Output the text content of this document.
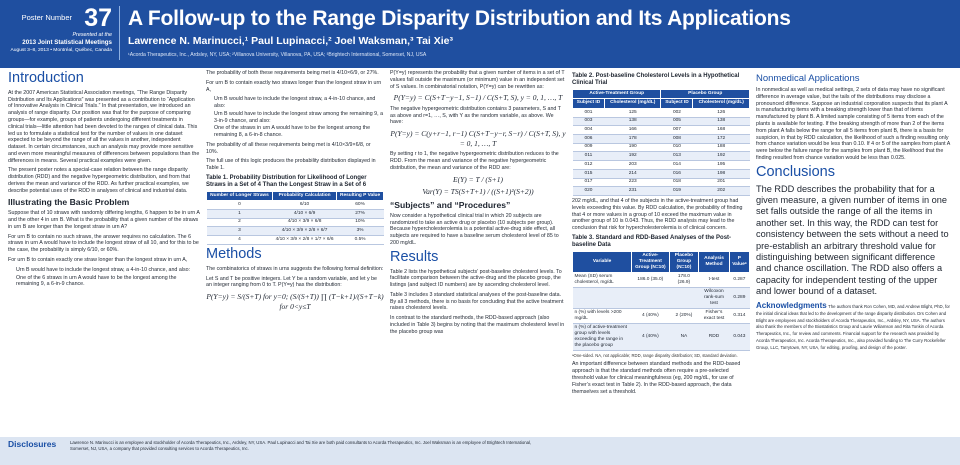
Poster Number 37
Presented at the
2013 Joint Statistical Meetings
August 3–8, 2013 • Montréal, Québec, Canada
A Follow-up to the Range Disparity Distribution and Its Applications
Lawrence N. Marinucci,¹ Paul Lupinacci,² Joel Waksman,³ Tai Xie³
¹Acorda Therapeutics, Inc., Ardsley, NY, USA; ²Villanova University, Villanova, PA, USA; ³Brightech International, Somerset, NJ, USA
Introduction

At the 2007 American Statistical Association meetings, “The Range Disparity Distribution and Its Applications” was presented as a contribution to “Application of Innovative Analysis in Clinical Trials.” In that presentation, we introduced an analysis of range disparity. Our position was that for the purpose of comparing groups—for example, groups of patients undergoing different treatments in clinical trials—little attention had been devoted to the ranges of clinical data. This led us to formulate a statistical test for the number of values in one dataset expected to be beyond the range of all the values in another, independent dataset. In certain circumstances, such an analysis may provide more sensitive and even more meaningful measures of differences between populations than the differences in means. Several practical examples were given.

The present poster notes a special-case relation between the range disparity distribution (RDD) and the negative hypergeometric distribution, and from that derives the mean and variance of the RDD. As further practical examples, we describe potential uses of the RDD in analyses of clinical and industrial data.

Illustrating the Basic Problem

Suppose that of 10 straws with randomly differing lengths, 6 happen to be in urn A and the other 4 in urn B. What is the probability that a given number of the straws in urn B are longer than the longest straw in urn A?

For urn B to contain no such straws, the answer requires no calculation. The 6 straws in urn A would have to include the longest straw of all 10, and for this to be the case, the probability is simply 6/10, or 60%.

For urn B to contain exactly one straw longer than the longest straw in urn A,

• Urn B would have to include the longest straw, a 4-in-10 chance, and also:
• One of the 6 straws in urn A would have to be the longest among the remaining 9, a 6-in-9 chance.

The probability of both these requirements being met is 4/10×6/9, or 27%.

For urn B to contain exactly two straws longer than the longest straw in urn A,

• Urn B would have to include the longest straw, a 4-in-10 chance, and also:
• Urn B would have to include the longest straw among the remaining 9, a 3-in-9 chance, and also:
• One of the straws in urn A would have to be the longest among the remaining 8, a 6-in-8 chance.

The probability of all these requirements being met is 4/10×3/9×6/8, or 10%.

The full use of this logic produces the probability distribution displayed in Table 1.

Table 1. Probability Distribution for Likelihood of Longer Straws in a Set of 4 Than the Longest Straw in a Set of 6
Number of Longer Straws	Probability Calculation	Resulting P Value
0	6/10	60%
1	4/10 × 6/9	27%
2	4/10 × 3/9 × 6/8	10%
3	4/10 × 3/9 × 2/8 × 6/7	3%
4	4/10 × 3/9 × 2/8 × 1/7 × 6/6	0.5%
Methods

The combinatorics of straws in urns suggests the following formal definition:

Let S and T be positive integers. Let Y be a random variable, and let y be an integer ranging from 0 to T. P(Y=y) has the distribution:

P(Y=y) = S/(S+T) for y=0; (S/(S+T)) ∏ (T−k+1)/(S+T−k) for 0<y≤T

P(Y=y) represents the probability that a given number of items in a set of T values fall outside the maximum (or minimum) value in an independent set of S values. In combinatorial notation, P(Y=y) can be rewritten as:

P(Y=y) = C(S+T−y−1, S−1) / C(S+T, S), y = 0, 1, …, T

The negative hypergeometric distribution contains 3 parameters, S and T as above and r=1, …, S, with Y as the random variable, as above. We have:

P(Y=y) = C(y+r−1, r−1) C(S+T−y−r, S−r) / C(S+T, S), y = 0, 1, …, T

By setting r to 1, the negative hypergeometric distribution reduces to the RDD. From the mean and variance of the negative hypergeometric distribution, the mean and variance of the RDD are:

E(Y) = T / (S+1)
Var(Y) = TS(S+T+1) / ((S+1)²(S+2))
“Subjects” and “Procedures”

Now consider a hypothetical clinical trial in which 20 subjects are randomized to take an active drug or placebo (10 subjects per group). Because hypercholesterolemia is a potential active-drug side effect, all subjects are required to have a baseline serum cholesterol level of 85 to 200 mg/dL.

Results

Table 2 lists the hypothetical subjects’ post-baseline cholesterol levels. To facilitate comparison between the active-drug and the placebo group, the listings (and subject ID numbers) are by ascending cholesterol level.

Table 3 includes 3 standard statistical analyses of the post-baseline data. By all 3 methods, there is no basis for concluding that the active treatment raises cholesterol levels.

In contrast to the standard methods, the RDD-based approach (also included in Table 3) begins by noting that the maximum cholesterol level in the placebo group was

Table 2. Post-baseline Cholesterol Levels in a Hypothetical Clinical Trial
Active-Treatment Group		Placebo Group	
Subject ID	Cholesterol (mg/dL)	Subject ID	Cholesterol (mg/dL)
001	125	002	126
003	138	005	138
004	166	007	168
006	178	008	172
009	190	010	188
011	192	013	192
012	203	014	195
015	214	016	198
017	223	018	201
020	231	019	202

202 mg/dL, and that 4 of the subjects in the active-treatment group had levels exceeding this value. By RDD calculation, the probability of finding that 4 or more values in a group of 10 exceed the maximum value in another group of 10 is 0.043. Thus, the RDD analysis may lead to the conclusion that risk for hypercholesterolemia is of clinical concern.

Table 3. Standard and RDD-Based Analyses of the Post-baseline Data
Variable	Active-Treatment Group (N=10)	Placebo Group (N=10)	Analysis Method	P Valueᵃ
Mean (SD) serum cholesterol, mg/dL	186.0 (35.0)	178.0 (26.9)	t-test	0.287
			Wilcoxon rank-sum test	0.289
n (%) with levels >200 mg/dL	4 (40%)	2 (20%)	Fisher’s exact test	0.314
n (%) of active-treatment group with levels exceeding the range in the placebo group	4 (40%)	NA	RDD	0.043

ᵃOne-sided. NA, not applicable; RDD, range disparity distribution; SD, standard deviation.

An important difference between standard methods and the RDD-based approach is that the standard methods often require a pre-selected threshold value for clinical meaningfulness (eg, 200 mg/dL, for use of Fisher’s exact test in Table 2). In the RDD-based approach, the data themselves set a threshold.

Nonmedical Applications

In nonmedical as well as medical settings, 2 sets of data may have no significant difference in average value, but the tails of the distributions may disclose a pronounced difference. Suppose an industrial corporation suspects that its plant A is manufacturing items with a breaking strength lower than that of items manufactured by plant B. A limited sample consisting of 5 items from each of the plants is available for testing. If the breaking strength of more than 2 of the items from plant A falls below the range for all 5 items from plant B, there is a basis for suspicion, in that by RDD calculation, the likelihood of such a finding resulting only from chance variation would be less than 0.10. If 4 or 5 of the samples from plant A were below the failure range for the samples from plant B, the likelihood that the finding resulted from chance variation would be less than 0.025.

Conclusions

The RDD describes the probability that for a given measure, a given number of items in one set falls outside the range of all the items in another set. In this way, the RDD can test for consistency between the sets without a need to pre-establish an arbitrary threshold value for distinguishing between significant difference and chance oscillation. The RDD also offers a capacity for independent testing of the upper and lower bound of a dataset.

Acknowledgments The authors thank Ron Cohen, MD, and Andrew Blight, PhD, for the initial clinical ideas that led to the development of the range disparity distribution. Drs Cohen and Blight are employees and stockholders of Acorda Therapeutics, Inc., Ardsley, NY, USA. The authors also thank the members of the Biostatistics Group and Laurie Wiliamson and Rita Tonkin of Acorda Therapeutics, Inc., for review and comments. Financial support for the research was provided by Acorda Therapeutics, Inc. Acorda Therapeutics, Inc., also provided funding to The Curry Rockefeller Group, LLC, Tarrytown, NY, USA, for editing, proofing, and design of the poster.
Disclosures	Lawrence N. Marinucci is an employee and stockholder of Acorda Therapeutics, Inc., Ardsley, NY, USA. Paul Lupinacci and Tai Xie are both paid consultants to Acorda Therapeutics, Inc. Joel Waksman is an employee of Brightech International, Somerset, NJ, USA, a company that provided consulting services to Acorda Therapeutics, Inc.
